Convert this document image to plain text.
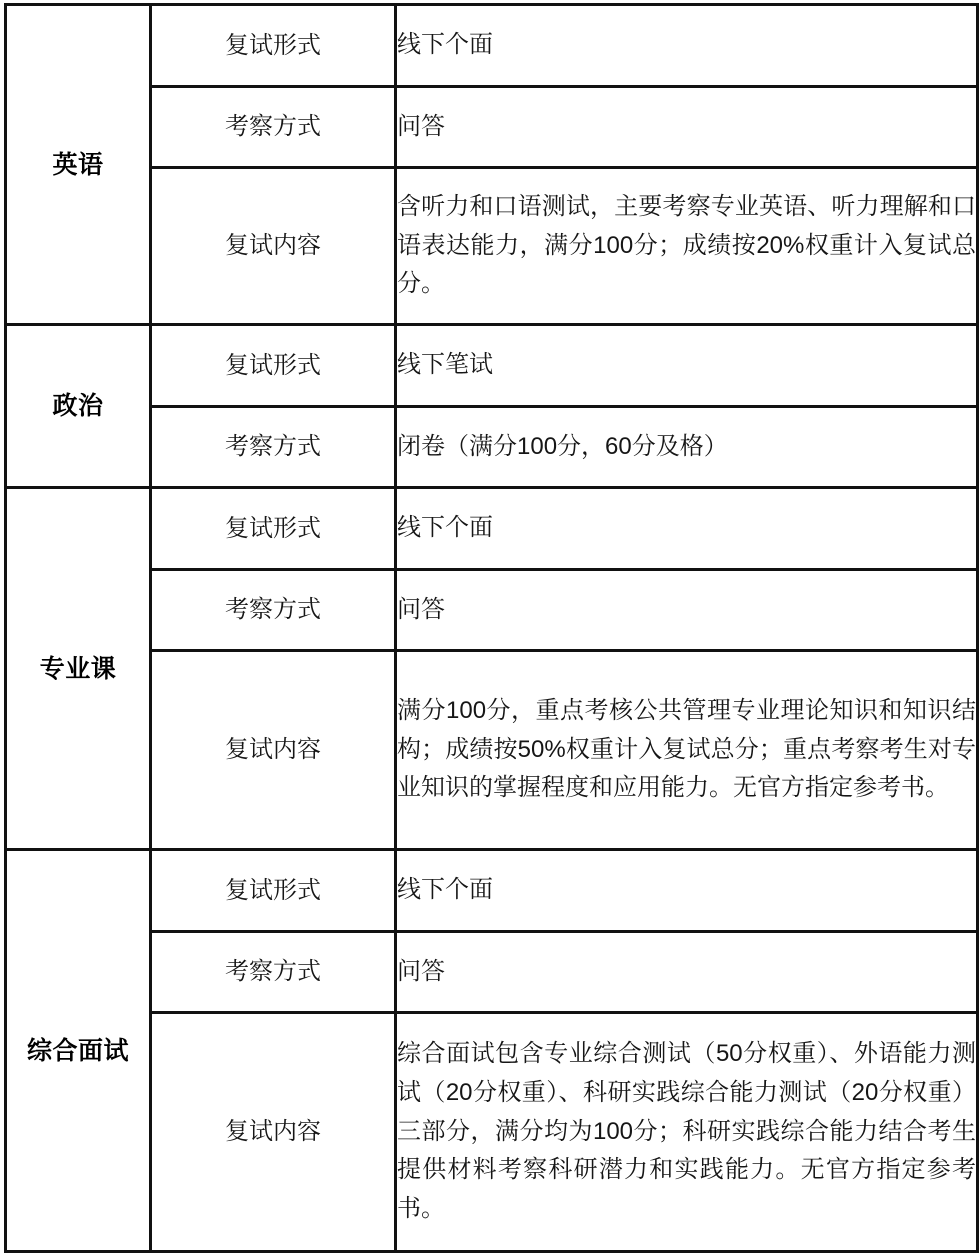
英语	复试形式	线下个面
	考察方式	问答
	复试内容	含听力和口语测试，主要考察专业英语、听力理解和口语表达能力，满分100分；成绩按20%权重计入复试总分。

政治	复试形式	线下笔试
	考察方式	闭卷（满分100分，60分及格）
专业课	复试形式	线下个面
	考察方式	问答
	复试内容	满分100分，重点考核公共管理专业理论知识和知识结构；成绩按50%权重计入复试总分；重点考察考生对专业知识的掌握程度和应用能力。无官方指定参考书。

综合面试	复试形式	线下个面
	考察方式	问答
	复试内容	综合面试包含专业综合测试（50分权重）、外语能力测试（20分权重）、科研实践综合能力测试（20分权重）三部分，满分均为100分；科研实践综合能力结合考生提供材料考察科研潜力和实践能力。无官方指定参考书。
